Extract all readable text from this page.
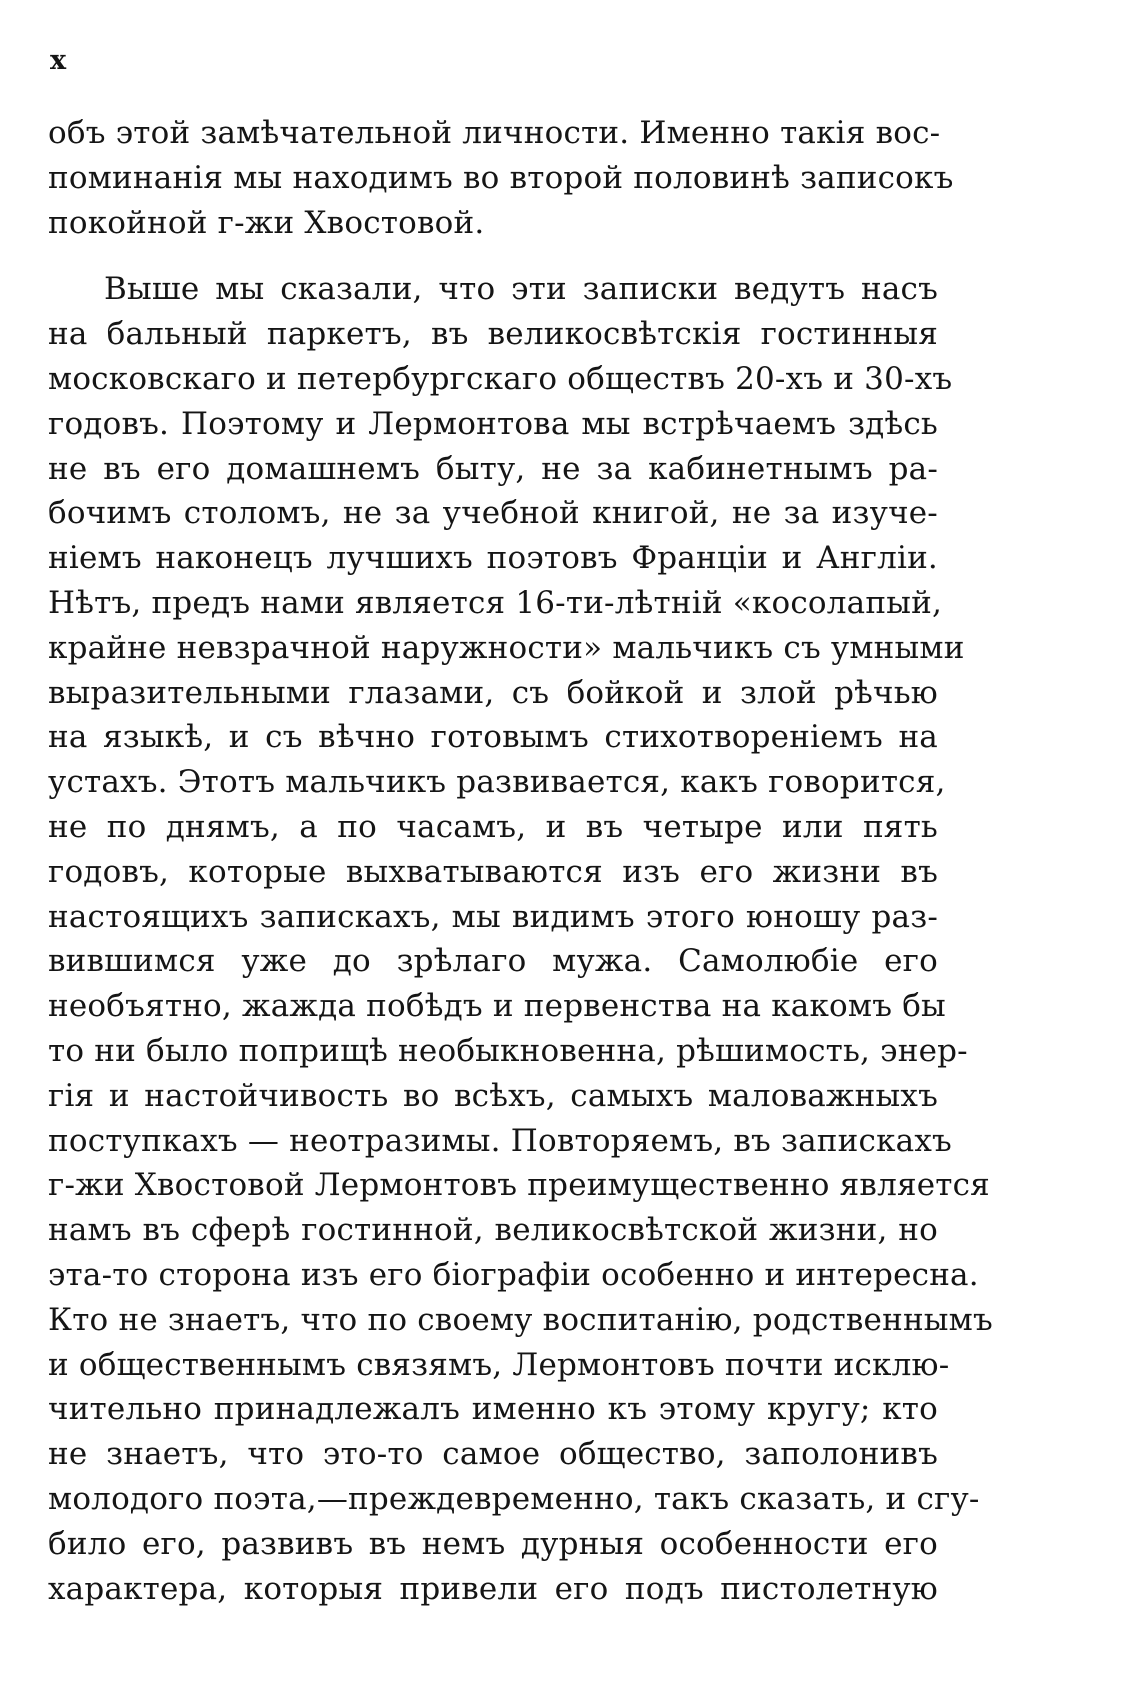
x
объ этой замѣчательной личности. Именно такія вос-
поминанія мы находимъ во второй половинѣ записокъ
покойной г-жи Хвостовой.
Выше мы сказали, что эти записки ведутъ насъ
на бальный паркетъ, въ великосвѣтскія гостинныя
московскаго и петербургскаго обществъ 20-хъ и 30-хъ
годовъ. Поэтому и Лермонтова мы встрѣчаемъ здѣсь
не въ его домашнемъ быту, не за кабинетнымъ ра-
бочимъ столомъ, не за учебной книгой, не за изуче-
ніемъ наконецъ лучшихъ поэтовъ Франціи и Англіи.
Нѣтъ, предъ нами является 16-ти-лѣтній «косолапый,
крайне невзрачной наружности» мальчикъ съ умными
выразительными глазами, съ бойкой и злой рѣчью
на языкѣ, и съ вѣчно готовымъ стихотвореніемъ на
устахъ. Этотъ мальчикъ развивается, какъ говорится,
не по днямъ, а по часамъ, и въ четыре или пять
годовъ, которые выхватываются изъ его жизни въ
настоящихъ запискахъ, мы видимъ этого юношу раз-
вившимся уже до зрѣлаго мужа. Самолюбіе его
необъятно, жажда побѣдъ и первенства на какомъ бы
то ни было поприщѣ необыкновенна, рѣшимость, энер-
гія и настойчивость во всѣхъ, самыхъ маловажныхъ
поступкахъ — неотразимы. Повторяемъ, въ запискахъ
г-жи Хвостовой Лермонтовъ преимущественно является
намъ въ сферѣ гостинной, великосвѣтской жизни, но
эта-то сторона изъ его біографіи особенно и интересна.
Кто не знаетъ, что по своему воспитанію, родственнымъ
и общественнымъ связямъ, Лермонтовъ почти исклю-
чительно принадлежалъ именно къ этому кругу; кто
не знаетъ, что это-то самое общество, заполонивъ
молодого поэта,—преждевременно, такъ сказать, и сгу-
било его, развивъ въ немъ дурныя особенности его
характера, которыя привели его подъ пистолетную
